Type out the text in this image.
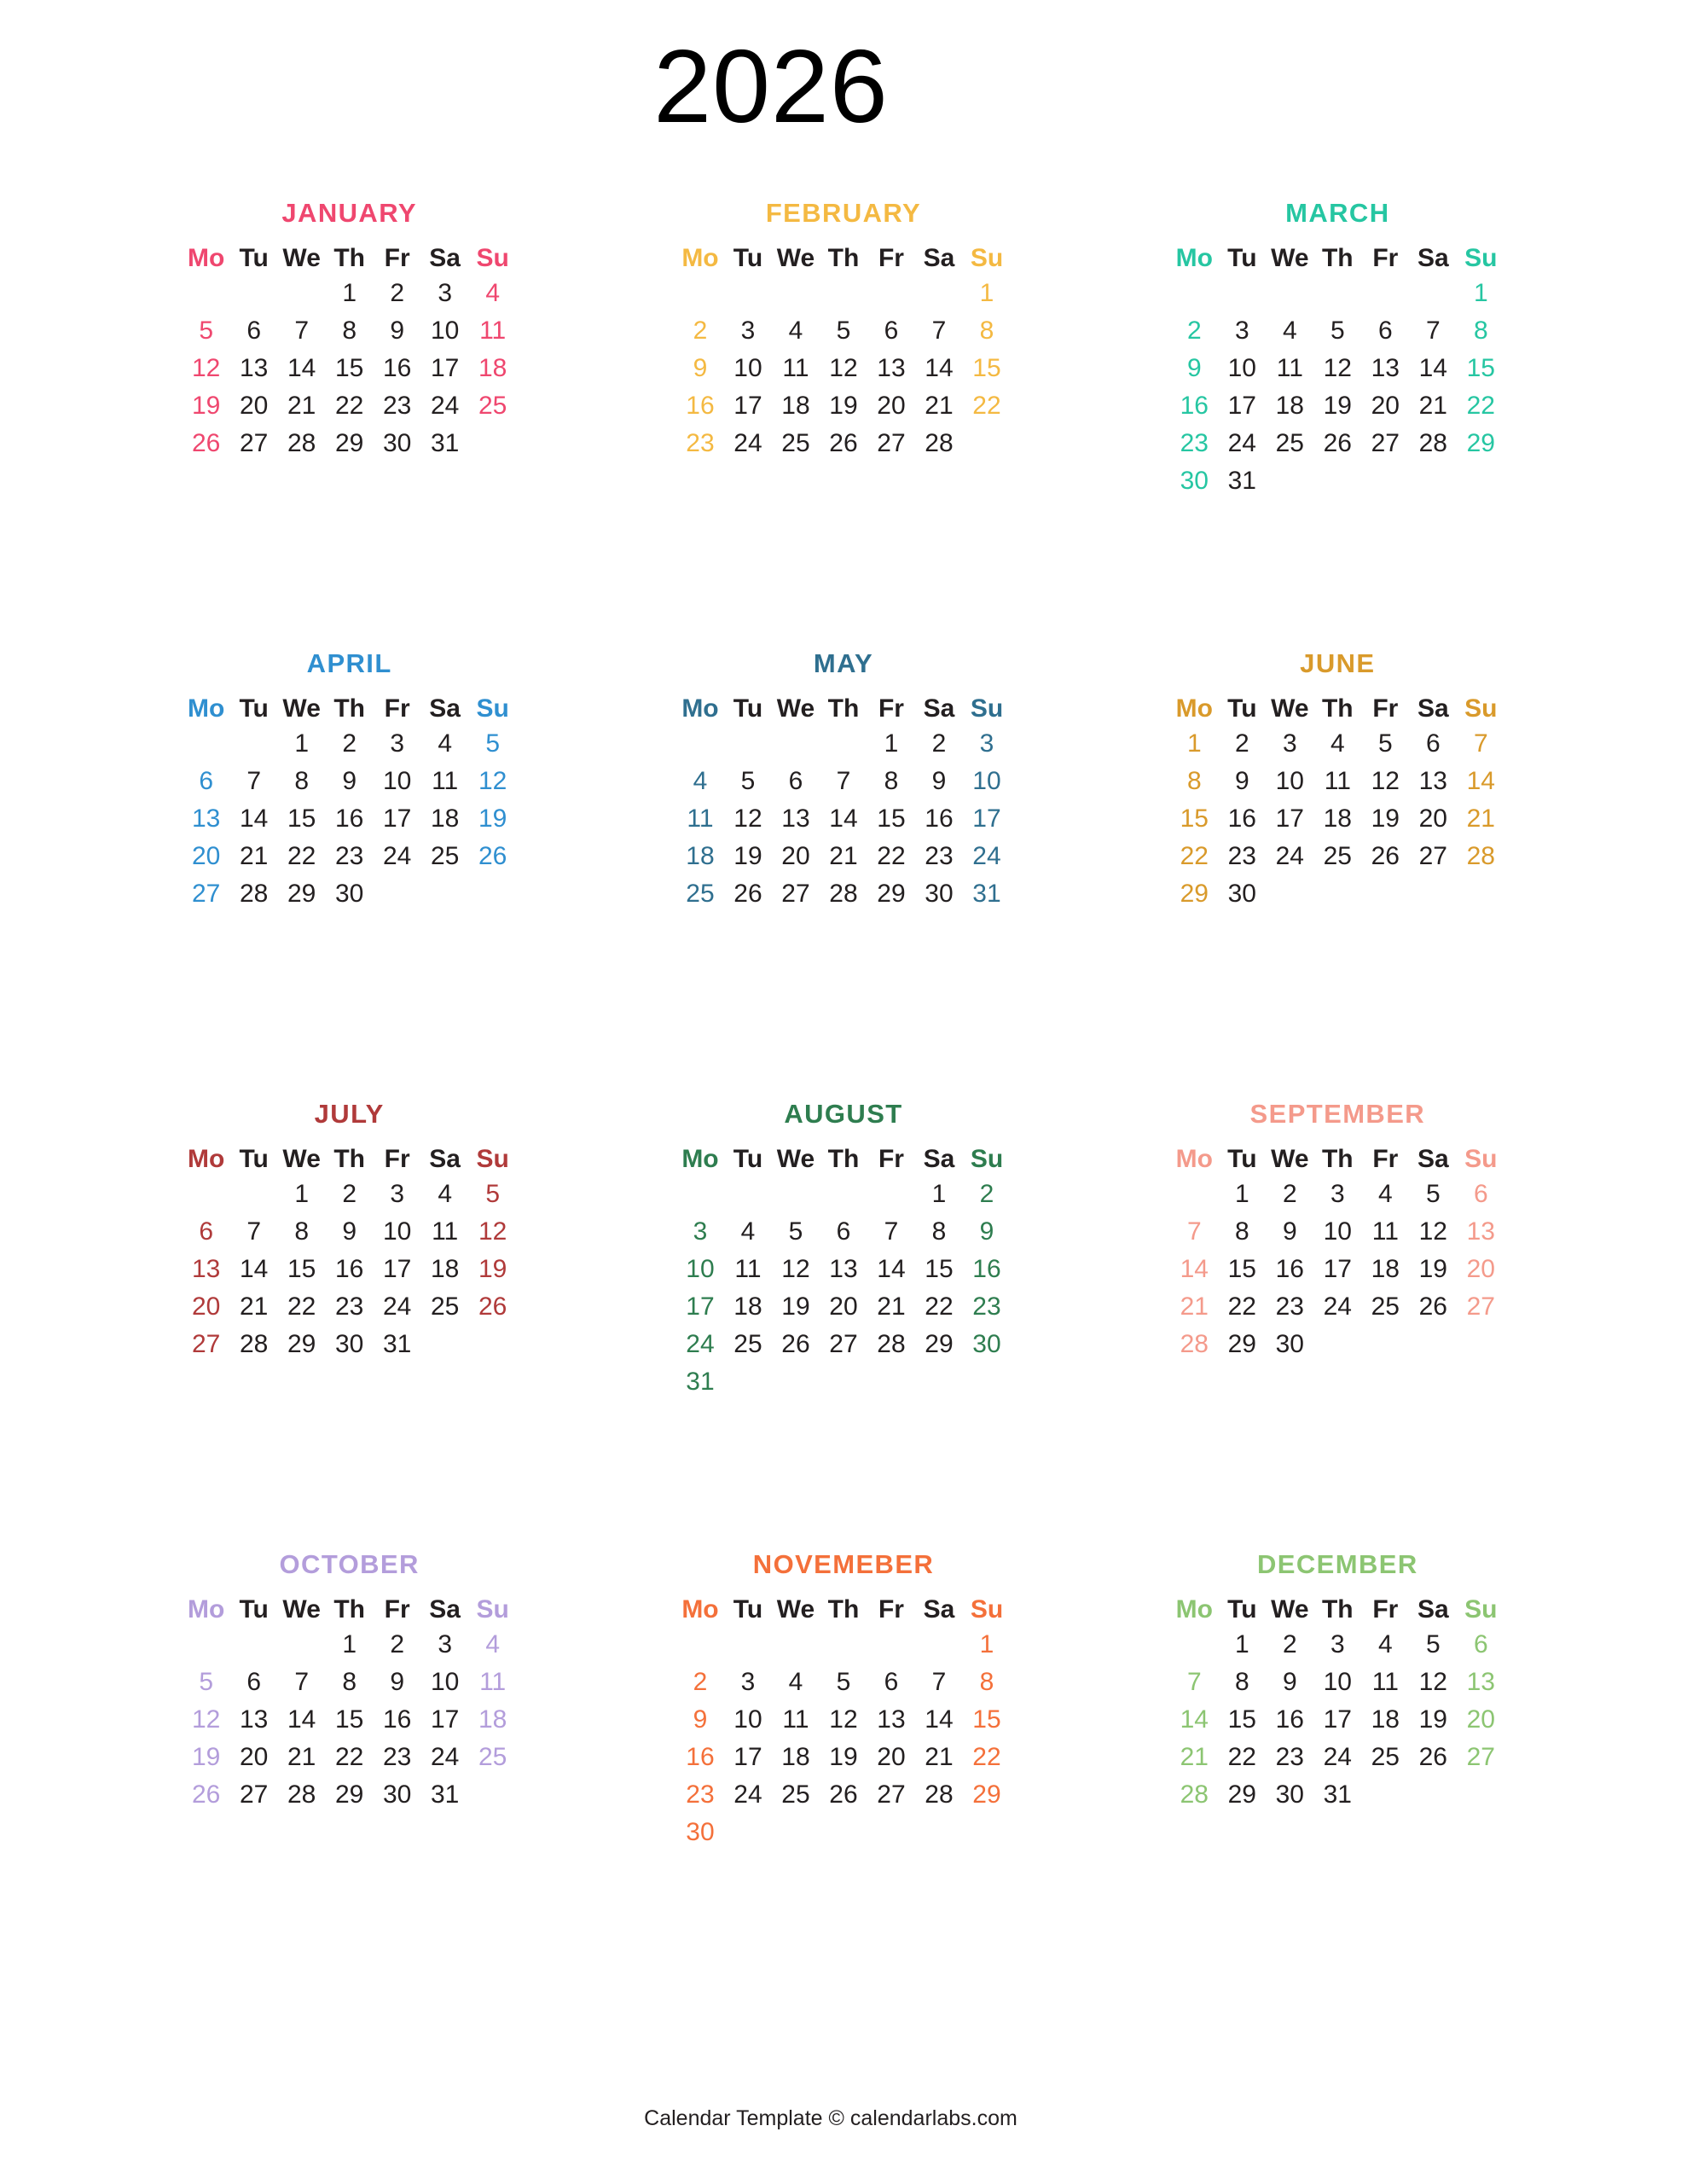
2026
JANUARY
Mo	Tu	We	Th	Fr	Sa	Su
			1	2	3	4
5	6	7	8	9	10	11
12	13	14	15	16	17	18
19	20	21	22	23	24	25
26	27	28	29	30	31	
FEBRUARY
Mo	Tu	We	Th	Fr	Sa	Su
						1
2	3	4	5	6	7	8
9	10	11	12	13	14	15
16	17	18	19	20	21	22
23	24	25	26	27	28	
MARCH
Mo	Tu	We	Th	Fr	Sa	Su
						1
2	3	4	5	6	7	8
9	10	11	12	13	14	15
16	17	18	19	20	21	22
23	24	25	26	27	28	29
30	31					
APRIL
Mo	Tu	We	Th	Fr	Sa	Su
		1	2	3	4	5
6	7	8	9	10	11	12
13	14	15	16	17	18	19
20	21	22	23	24	25	26
27	28	29	30			
MAY
Mo	Tu	We	Th	Fr	Sa	Su
				1	2	3
4	5	6	7	8	9	10
11	12	13	14	15	16	17
18	19	20	21	22	23	24
25	26	27	28	29	30	31
JUNE
Mo	Tu	We	Th	Fr	Sa	Su
1	2	3	4	5	6	7
8	9	10	11	12	13	14
15	16	17	18	19	20	21
22	23	24	25	26	27	28
29	30					
JULY
Mo	Tu	We	Th	Fr	Sa	Su
		1	2	3	4	5
6	7	8	9	10	11	12
13	14	15	16	17	18	19
20	21	22	23	24	25	26
27	28	29	30	31		
AUGUST
Mo	Tu	We	Th	Fr	Sa	Su
					1	2
3	4	5	6	7	8	9
10	11	12	13	14	15	16
17	18	19	20	21	22	23
24	25	26	27	28	29	30
31						
SEPTEMBER
Mo	Tu	We	Th	Fr	Sa	Su
	1	2	3	4	5	6
7	8	9	10	11	12	13
14	15	16	17	18	19	20
21	22	23	24	25	26	27
28	29	30				
OCTOBER
Mo	Tu	We	Th	Fr	Sa	Su
			1	2	3	4
5	6	7	8	9	10	11
12	13	14	15	16	17	18
19	20	21	22	23	24	25
26	27	28	29	30	31	
NOVEMEBER
Mo	Tu	We	Th	Fr	Sa	Su
						1
2	3	4	5	6	7	8
9	10	11	12	13	14	15
16	17	18	19	20	21	22
23	24	25	26	27	28	29
30						
DECEMBER
Mo	Tu	We	Th	Fr	Sa	Su
	1	2	3	4	5	6
7	8	9	10	11	12	13
14	15	16	17	18	19	20
21	22	23	24	25	26	27
28	29	30	31			
Calendar Template © calendarlabs.com
